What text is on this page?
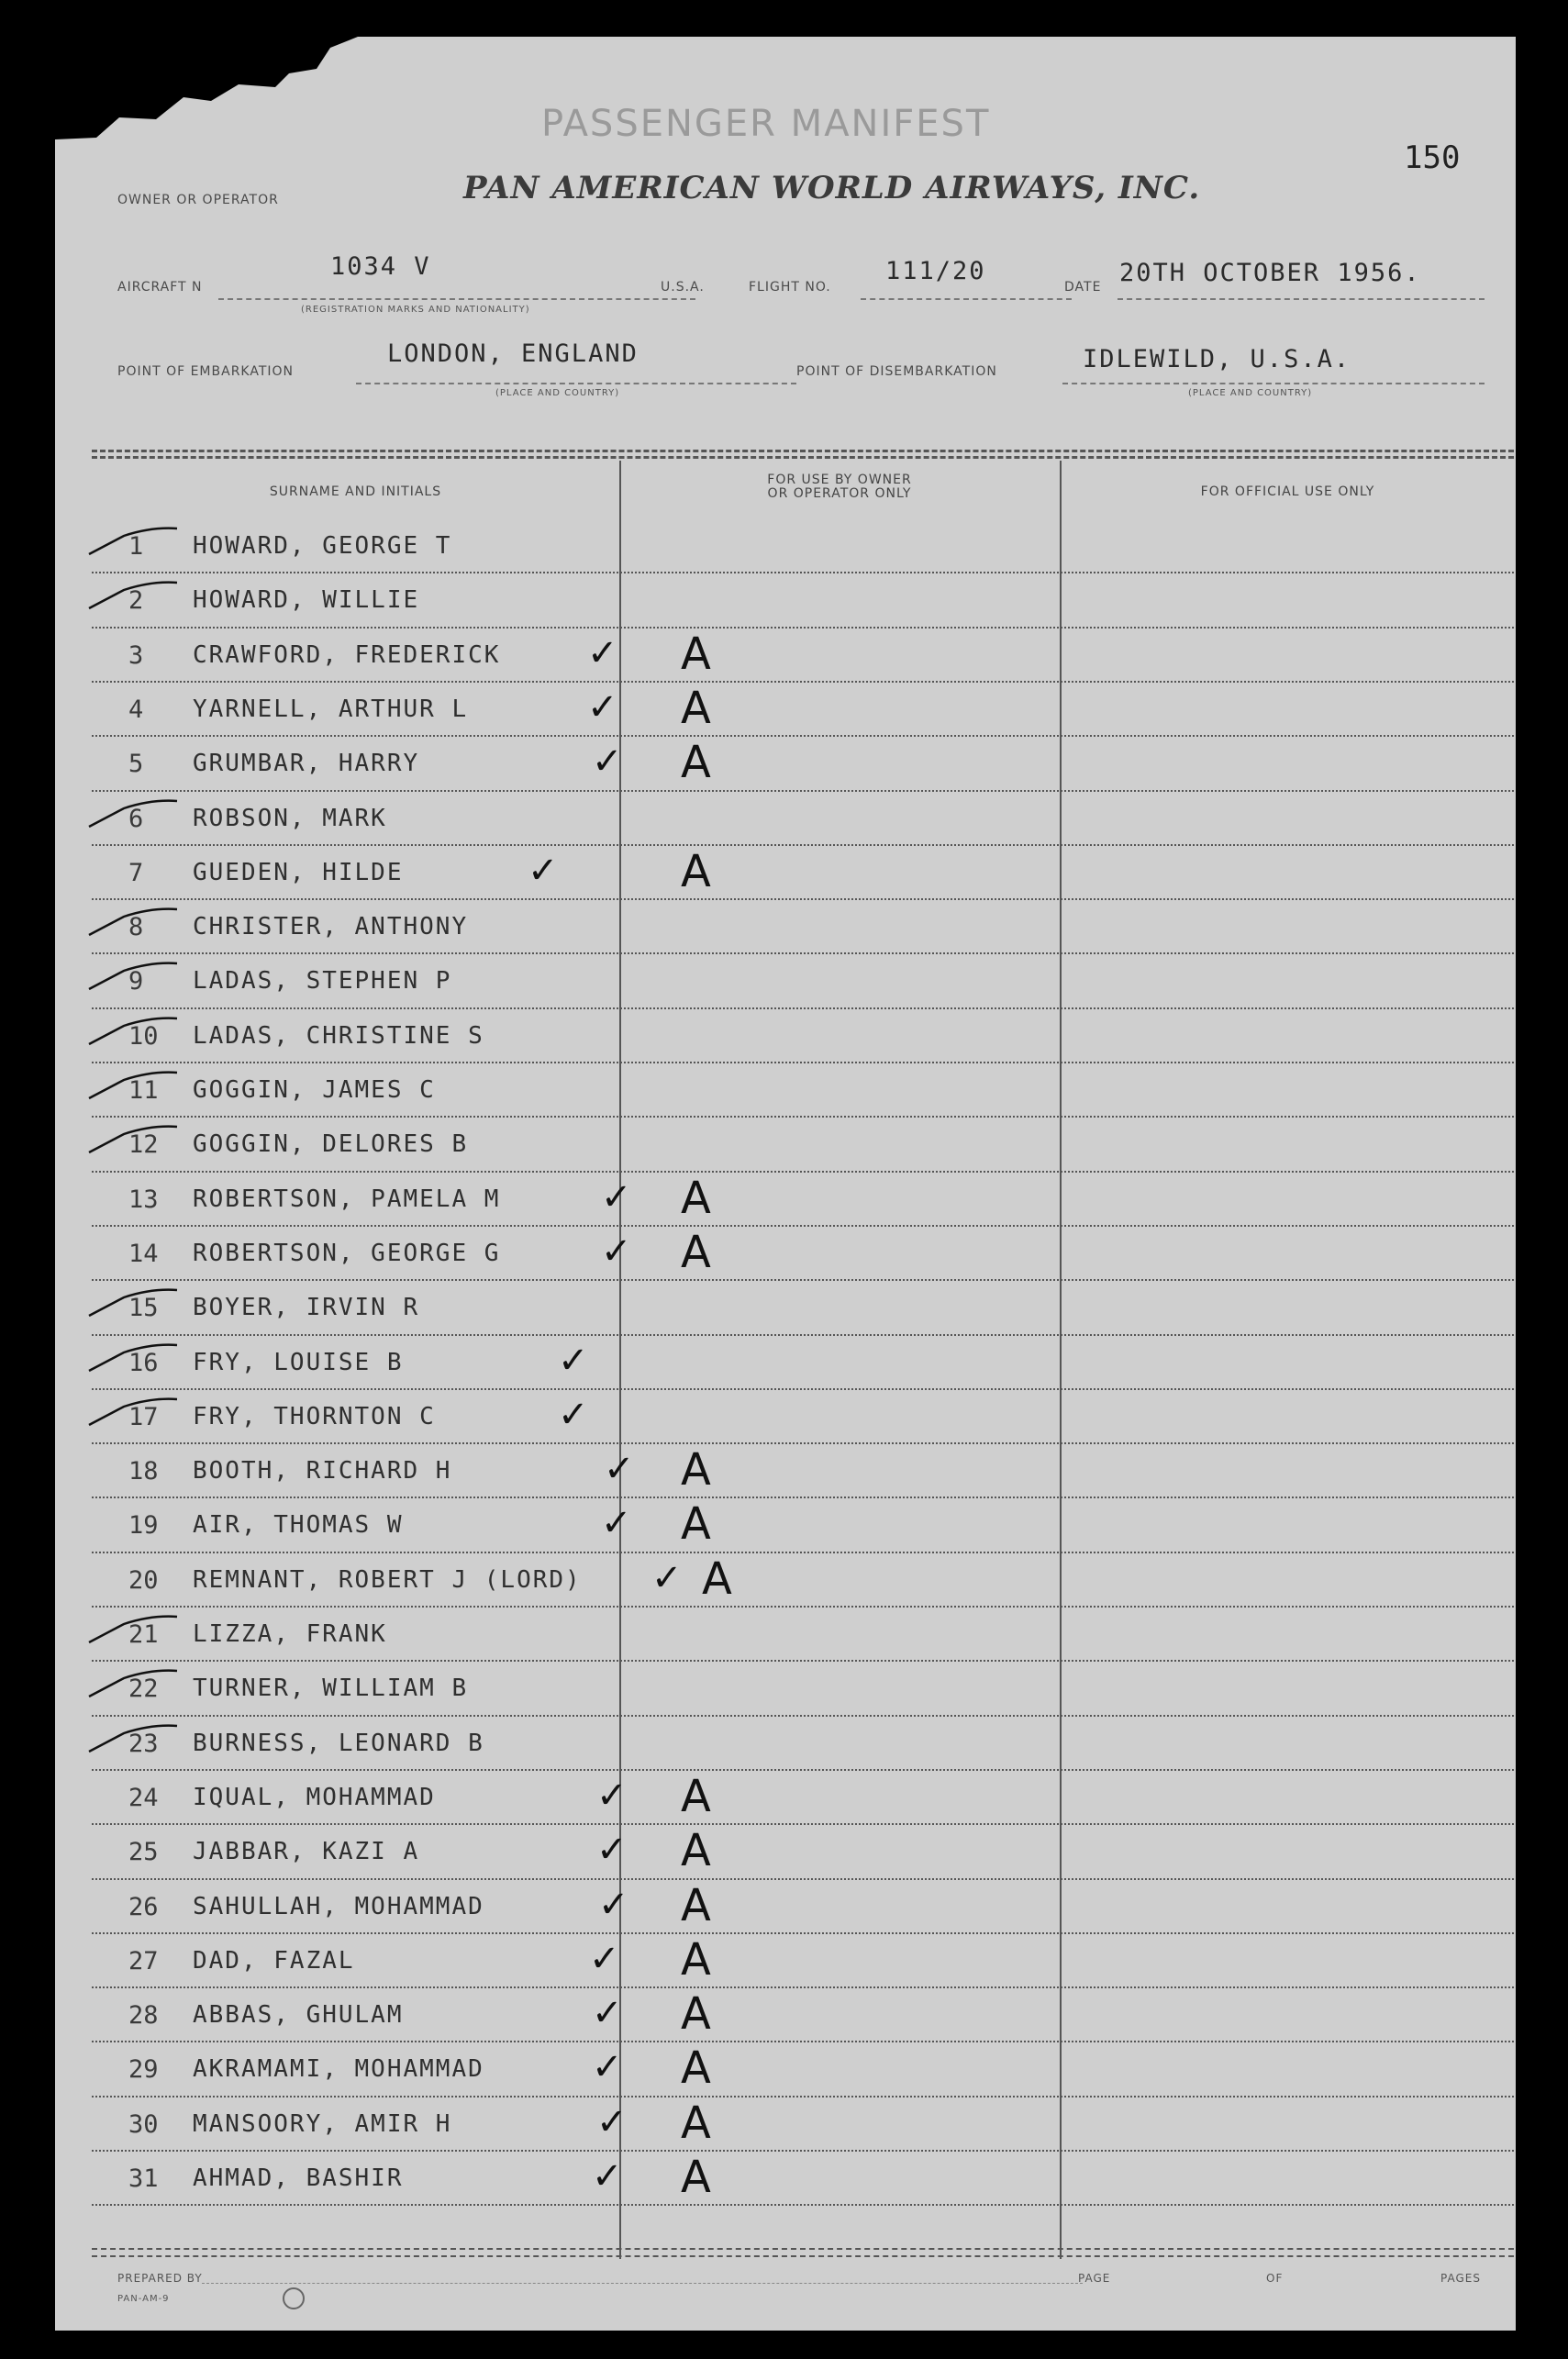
PASSENGER MANIFEST
150
OWNER OR OPERATOR	PAN AMERICAN WORLD AIRWAYS, INC.
AIRCRAFT N
1034 V
(REGISTRATION MARKS AND NATIONALITY)
U.S.A.	FLIGHT NO.
111/20
DATE 20TH OCTOBER 1956.
POINT OF EMBARKATION
LONDON, ENGLAND
(PLACE AND COUNTRY)
POINT OF DISEMBARKATION	IDLEWILD, U.S.A.
(PLACE AND COUNTRY)
SURNAME AND INITIALS
FOR USE BY OWNER
OR OPERATOR ONLY	FOR OFFICIAL USE ONLY
PREPARED BY
PAN-AM-9
PAGE	OF	PAGES
1	HOWARD, GEORGE T
2	HOWARD, WILLIE
3	CRAWFORD, FREDERICK ✓ A
4	YARNELL, ARTHUR L	✓ A
5	GRUMBAR, HARRY	✓ A
6	ROBSON, MARK
7	GUEDEN, HILDE	✓	A
8	CHRISTER, ANTHONY
9	LADAS, STEPHEN P
10	LADAS, CHRISTINE S
11	GOGGIN, JAMES C
12	GOGGIN, DELORES B
13	ROBERTSON, PAMELA M	✓ A
14	ROBERTSON, GEORGE G	✓ A
15	BOYER, IRVIN R
16	FRY, LOUISE B	✓
17	FRY, THORNTON C	✓
18	BOOTH, RICHARD H	✓ A
19	AIR, THOMAS W	✓ A
20	REMNANT, ROBERT J (LORD) ✓ A
21	LIZZA, FRANK
22	TURNER, WILLIAM B
23	BURNESS, LEONARD B
24	IQUAL, MOHAMMAD	✓ A
25	JABBAR, KAZI A	✓ A
26	SAHULLAH, MOHAMMAD	✓ A
27	DAD, FAZAL	✓ A
28	ABBAS, GHULAM	✓ A
29	AKRAMAMI, MOHAMMAD	✓ A
30	MANSOORY, AMIR H	✓ A
31	AHMAD, BASHIR	✓ A
